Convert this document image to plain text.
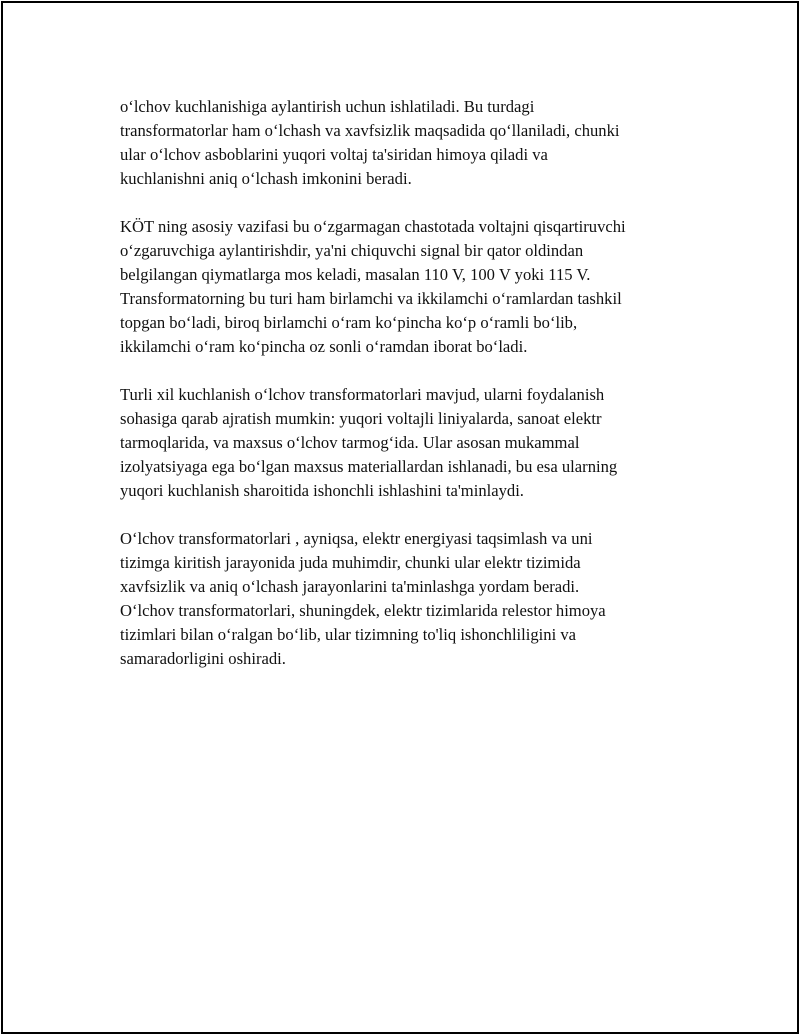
o‘lchov kuchlanishiga aylantirish uchun ishlatiladi. Bu turdagi
transformatorlar ham o‘lchash va xavfsizlik maqsadida qo‘llaniladi, chunki
ular o‘lchov asboblarini yuqori voltaj ta'siridan himoya qiladi va
kuchlanishni aniq o‘lchash imkonini beradi.
KÖT ning asosiy vazifasi bu o‘zgarmagan chastotada voltajni qisqartiruvchi
o‘zgaruvchiga aylantirishdir, ya'ni chiquvchi signal bir qator oldindan
belgilangan qiymatlarga mos keladi, masalan 110 V, 100 V yoki 115 V.
Transformatorning bu turi ham birlamchi va ikkilamchi o‘ramlardan tashkil
topgan bo‘ladi, biroq birlamchi o‘ram ko‘pincha ko‘p o‘ramli bo‘lib,
ikkilamchi o‘ram ko‘pincha oz sonli o‘ramdan iborat bo‘ladi.
Turli xil kuchlanish o‘lchov transformatorlari mavjud, ularni foydalanish
sohasiga qarab ajratish mumkin: yuqori voltajli liniyalarda, sanoat elektr
tarmoqlarida, va maxsus o‘lchov tarmog‘ida. Ular asosan mukammal
izolyatsiyaga ega bo‘lgan maxsus materiallardan ishlanadi, bu esa ularning
yuqori kuchlanish sharoitida ishonchli ishlashini ta'minlaydi.
O‘lchov transformatorlari , ayniqsa, elektr energiyasi taqsimlash va uni
tizimga kiritish jarayonida juda muhimdir, chunki ular elektr tizimida
xavfsizlik va aniq o‘lchash jarayonlarini ta'minlashga yordam beradi.
O‘lchov transformatorlari, shuningdek, elektr tizimlarida relestor himoya
tizimlari bilan o‘ralgan bo‘lib, ular tizimning to'liq ishonchliligini va
samaradorligini oshiradi.
